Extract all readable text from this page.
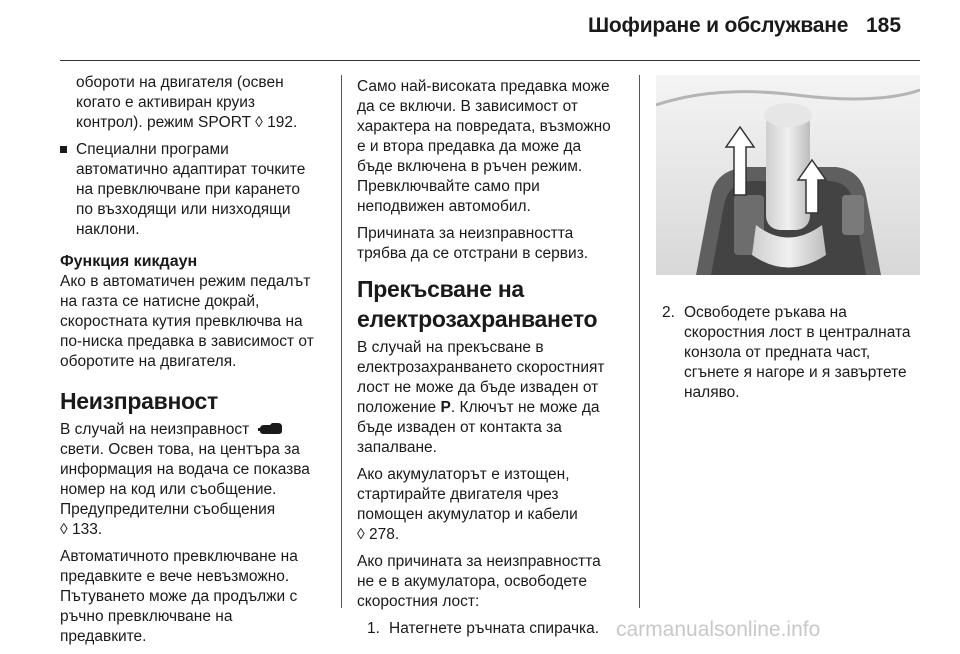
Шофиране и обслужване 185

обороти на двигателя (освен
когато е активиран круиз
контрол). режим SPORT ◊ 192.

Специални програми
автоматично адаптират точките
на превключване при карането
по възходящи или низходящи
наклони.
Функция кикдаун

Ако в автоматичен режим педалът
на газта се натисне докрай,
скоростната кутия превключва на
по-ниска предавка в зависимост от
оборотите на двигателя.

Неизправност

В случай на неизправност
свети. Освен това, на центъра за
информация на водача се показва
номер на код или съобщение.
Предупредителни съобщения
◊ 133.

Автоматичното превключване на
предавките е вече невъзможно.
Пътуването може да продължи с
ръчно превключване на
предавките.

Само най-високата предавка може
да се включи. В зависимост от
характера на повредата, възможно
е и втора предавка да може да
бъде включена в ръчен режим.
Превключвайте само при
неподвижен автомобил.

Причината за неизправността
трябва да се отстрани в сервиз.

Прекъсване на
електрозахранването

В случай на прекъсване в
електрозахранването скоростният
лост не може да бъде изваден от
положение P. Ключът не може да
бъде изваден от контакта за
запалване.

Ако акумулаторът е изтощен,
стартирайте двигателя чрез
помощен акумулатор и кабели
◊ 278.

Ако причината за неизправността
не е в акумулатора, освободете
скоростния лост:

1. Натегнете ръчната спирачка.
2. Освободете ръкава на
скоростния лост в централната
конзола от предната част,
сгънете я нагоре и я завъртете
наляво.
carmanualsonline.info
